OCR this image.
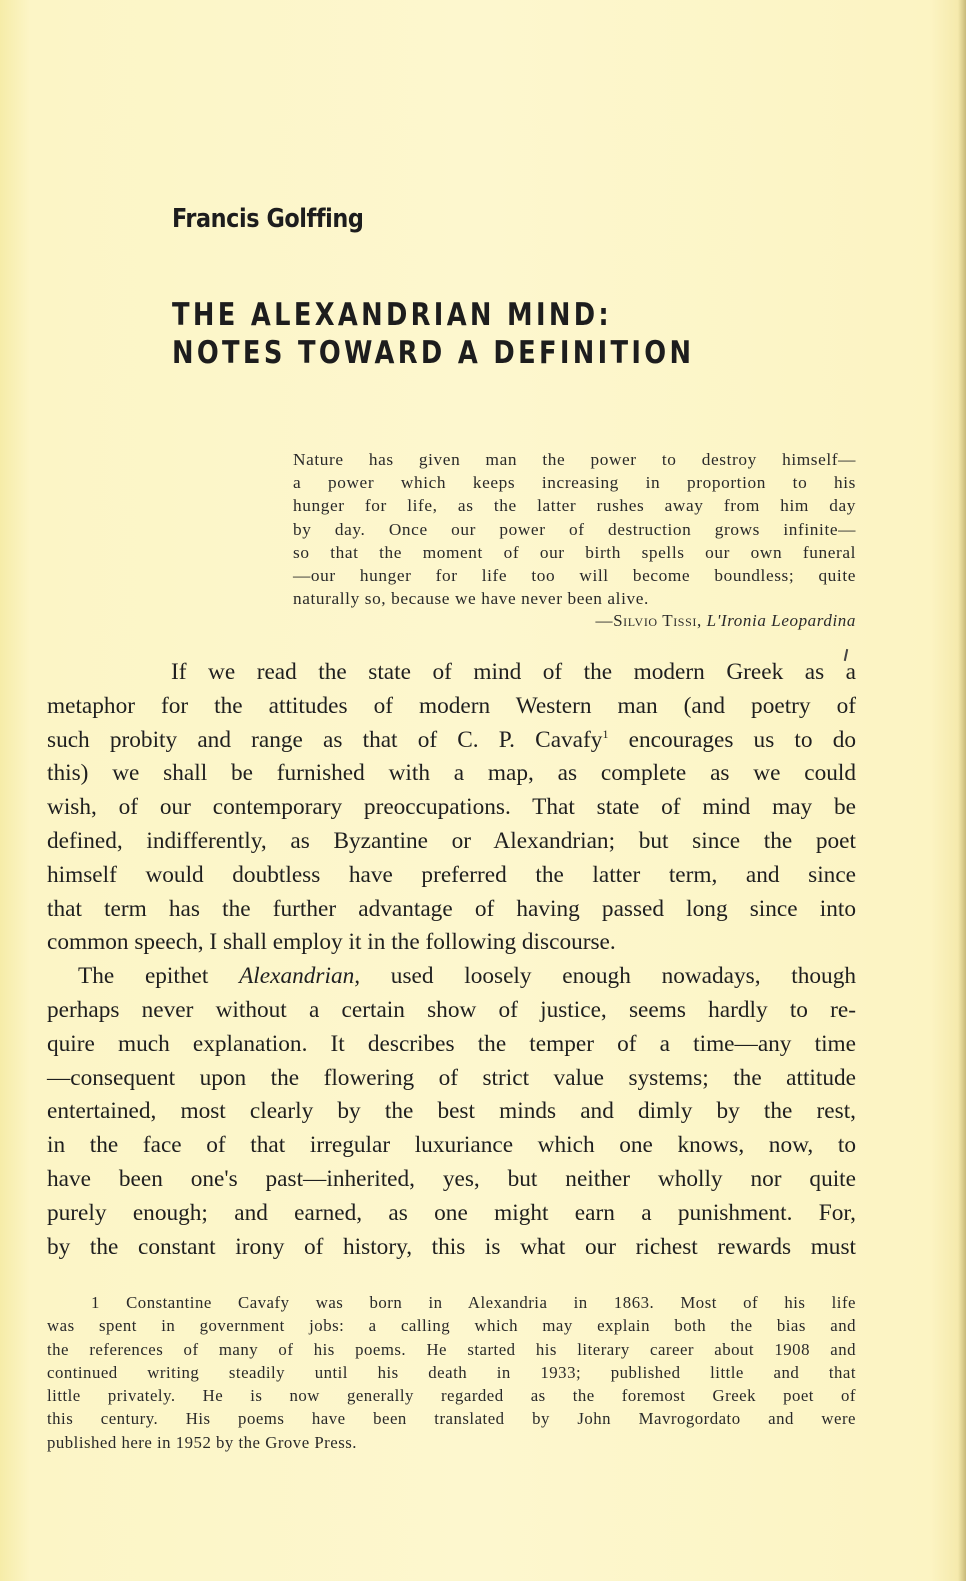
Francis Golffing
THE ALEXANDRIAN MIND:
NOTES TOWARD A DEFINITION
Nature has given man the power to destroy himself—
a power which keeps increasing in proportion to his
hunger for life, as the latter rushes away from him day
by day. Once our power of destruction grows infinite—
so that the moment of our birth spells our own funeral
—our hunger for life too will become boundless; quite
naturally so, because we have never been alive.
—Silvio Tissi, L'Ironia Leopardina
If we read the state of mind of the modern Greek as a
metaphor for the attitudes of modern Western man (and poetry of
such probity and range as that of C. P. Cavafy$^1$ encourages us to do
this) we shall be furnished with a map, as complete as we could
wish, of our contemporary preoccupations. That state of mind may be
defined, indifferently, as Byzantine or Alexandrian; but since the poet
himself would doubtless have preferred the latter term, and since
that term has the further advantage of having passed long since into
common speech, I shall employ it in the following discourse.
The epithet Alexandrian, used loosely enough nowadays, though
perhaps never without a certain show of justice, seems hardly to re-
quire much explanation. It describes the temper of a time—any time
—consequent upon the flowering of strict value systems; the attitude
entertained, most clearly by the best minds and dimly by the rest,
in the face of that irregular luxuriance which one knows, now, to
have been one's past—inherited, yes, but neither wholly nor quite
purely enough; and earned, as one might earn a punishment. For,
by the constant irony of history, this is what our richest rewards must
1 Constantine Cavafy was born in Alexandria in 1863. Most of his life
was spent in government jobs: a calling which may explain both the bias and
the references of many of his poems. He started his literary career about 1908 and
continued writing steadily until his death in 1933; published little and that
little privately. He is now generally regarded as the foremost Greek poet of
this century. His poems have been translated by John Mavrogordato and were
published here in 1952 by the Grove Press.
